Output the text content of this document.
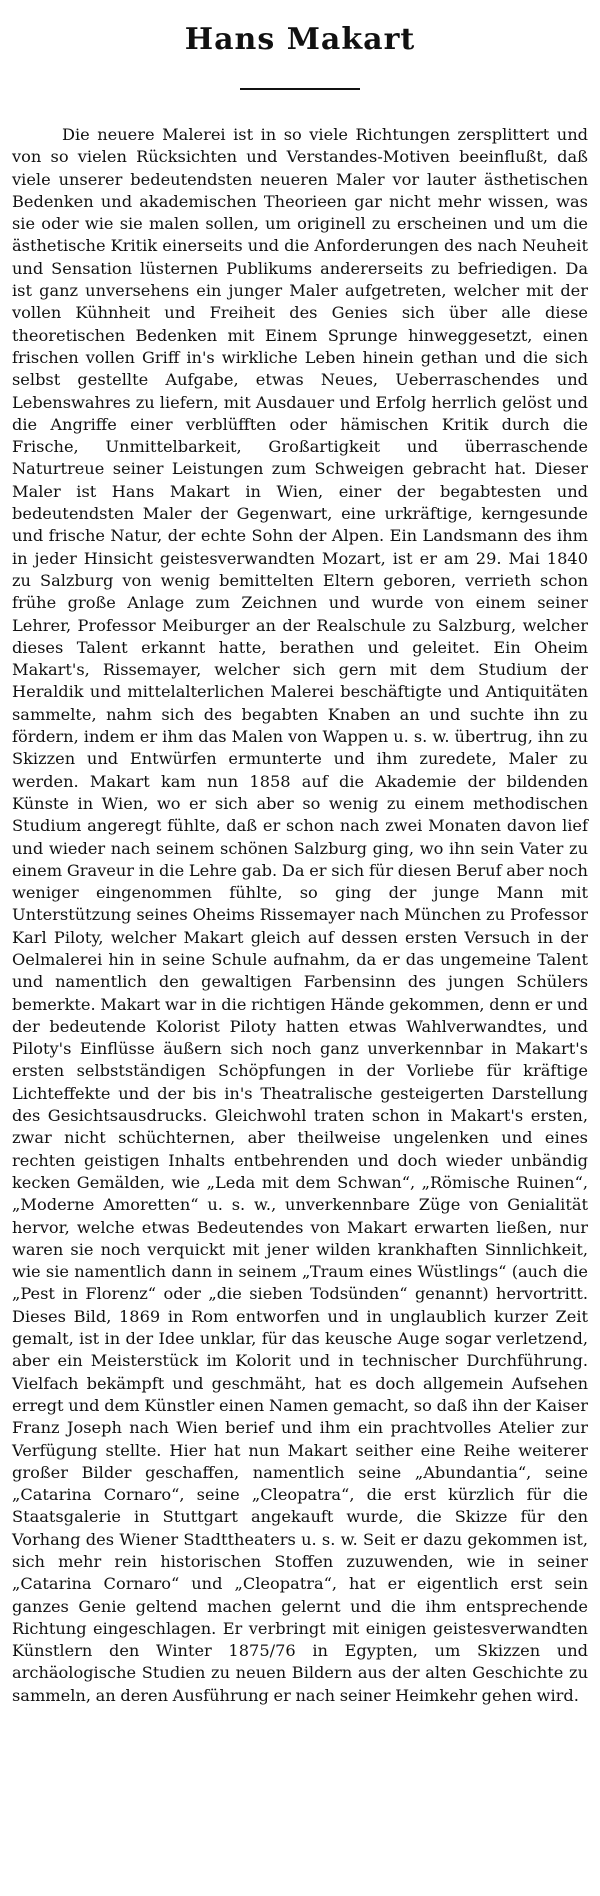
Hans Makart

Die neuere Malerei ist in so viele Richtungen zersplittert und von so vielen Rücksichten und Verstandes-Motiven beeinflußt, daß viele unserer bedeutendsten neueren Maler vor lauter ästhetischen Bedenken und akademischen Theorieen gar nicht mehr wissen, was sie oder wie sie malen sollen, um originell zu erscheinen und um die ästhetische Kritik einerseits und die Anforderungen des nach Neuheit und Sensation lüsternen Publikums andererseits zu befriedigen. Da ist ganz unversehens ein junger Maler aufgetreten, welcher mit der vollen Kühnheit und Freiheit des Genies sich über alle diese theoretischen Bedenken mit Einem Sprunge hinweggesetzt, einen frischen vollen Griff in's wirkliche Leben hinein gethan und die sich selbst gestellte Aufgabe, etwas Neues, Ueberraschendes und Lebenswahres zu liefern, mit Ausdauer und Erfolg herrlich gelöst und die Angriffe einer verblüfften oder hämischen Kritik durch die Frische, Unmittelbarkeit, Großartigkeit und überraschende Naturtreue seiner Leistungen zum Schweigen gebracht hat. Dieser Maler ist Hans Makart in Wien, einer der begabtesten und bedeutendsten Maler der Gegenwart, eine urkräftige, kerngesunde und frische Natur, der echte Sohn der Alpen. Ein Landsmann des ihm in jeder Hinsicht geistesverwandten Mozart, ist er am 29. Mai 1840 zu Salzburg von wenig bemittelten Eltern geboren, verrieth schon frühe große Anlage zum Zeichnen und wurde von einem seiner Lehrer, Professor Meiburger an der Realschule zu Salzburg, welcher dieses Talent erkannt hatte, berathen und geleitet. Ein Oheim Makart's, Rissemayer, welcher sich gern mit dem Studium der Heraldik und mittelalterlichen Malerei beschäftigte und Antiquitäten sammelte, nahm sich des begabten Knaben an und suchte ihn zu fördern, indem er ihm das Malen von Wappen u. s. w. übertrug, ihn zu Skizzen und Entwürfen ermunterte und ihm zuredete, Maler zu werden. Makart kam nun 1858 auf die Akademie der bildenden Künste in Wien, wo er sich aber so wenig zu einem methodischen Studium angeregt fühlte, daß er schon nach zwei Monaten davon lief und wieder nach seinem schönen Salzburg ging, wo ihn sein Vater zu einem Graveur in die Lehre gab. Da er sich für diesen Beruf aber noch weniger eingenommen fühlte, so ging der junge Mann mit Unterstützung seines Oheims Rissemayer nach München zu Professor Karl Piloty, welcher Makart gleich auf dessen ersten Versuch in der Oelmalerei hin in seine Schule aufnahm, da er das ungemeine Talent und namentlich den gewaltigen Farbensinn des jungen Schülers bemerkte. Makart war in die richtigen Hände gekommen, denn er und der bedeutende Kolorist Piloty hatten etwas Wahlverwandtes, und Piloty's Einflüsse äußern sich noch ganz unverkennbar in Makart's ersten selbstständigen Schöpfungen in der Vorliebe für kräftige Lichteffekte und der bis in's Theatralische gesteigerten Darstellung des Gesichtsausdrucks. Gleichwohl traten schon in Makart's ersten, zwar nicht schüchternen, aber theilweise ungelenken und eines rechten geistigen Inhalts entbehrenden und doch wieder unbändig kecken Gemälden, wie „Leda mit dem Schwan“, „Römische Ruinen“, „Moderne Amoretten“ u. s. w., unverkennbare Züge von Genialität hervor, welche etwas Bedeutendes von Makart erwarten ließen, nur waren sie noch verquickt mit jener wilden krankhaften Sinnlichkeit, wie sie namentlich dann in seinem „Traum eines Wüstlings“ (auch die „Pest in Florenz“ oder „die sieben Todsünden“ genannt) hervortritt. Dieses Bild, 1869 in Rom entworfen und in unglaublich kurzer Zeit gemalt, ist in der Idee unklar, für das keusche Auge sogar verletzend, aber ein Meisterstück im Kolorit und in technischer Durchführung. Vielfach bekämpft und geschmäht, hat es doch allgemein Aufsehen erregt und dem Künstler einen Namen gemacht, so daß ihn der Kaiser Franz Joseph nach Wien berief und ihm ein prachtvolles Atelier zur Verfügung stellte. Hier hat nun Makart seither eine Reihe weiterer großer Bilder geschaffen, namentlich seine „Abundantia“, seine „Catarina Cornaro“, seine „Cleopatra“, die erst kürzlich für die Staatsgalerie in Stuttgart angekauft wurde, die Skizze für den Vorhang des Wiener Stadttheaters u. s. w. Seit er dazu gekommen ist, sich mehr rein historischen Stoffen zuzuwenden, wie in seiner „Catarina Cornaro“ und „Cleopatra“, hat er eigentlich erst sein ganzes Genie geltend machen gelernt und die ihm entsprechende Richtung eingeschlagen. Er verbringt mit einigen geistesverwandten Künstlern den Winter 1875/76 in Egypten, um Skizzen und archäologische Studien zu neuen Bildern aus der alten Geschichte zu sammeln, an deren Ausführung er nach seiner Heimkehr gehen wird.
